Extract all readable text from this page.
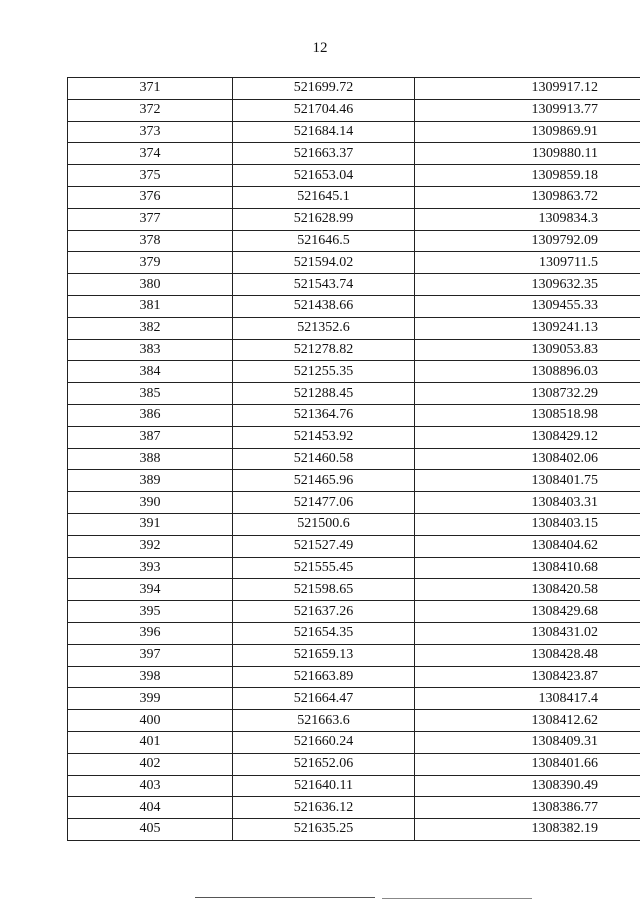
12
371	521699.72	1309917.12
372	521704.46	1309913.77
373	521684.14	1309869.91
374	521663.37	1309880.11
375	521653.04	1309859.18
376	521645.1	1309863.72
377	521628.99	1309834.3
378	521646.5	1309792.09
379	521594.02	1309711.5
380	521543.74	1309632.35
381	521438.66	1309455.33
382	521352.6	1309241.13
383	521278.82	1309053.83
384	521255.35	1308896.03
385	521288.45	1308732.29
386	521364.76	1308518.98
387	521453.92	1308429.12
388	521460.58	1308402.06
389	521465.96	1308401.75
390	521477.06	1308403.31
391	521500.6	1308403.15
392	521527.49	1308404.62
393	521555.45	1308410.68
394	521598.65	1308420.58
395	521637.26	1308429.68
396	521654.35	1308431.02
397	521659.13	1308428.48
398	521663.89	1308423.87
399	521664.47	1308417.4
400	521663.6	1308412.62
401	521660.24	1308409.31
402	521652.06	1308401.66
403	521640.11	1308390.49
404	521636.12	1308386.77
405	521635.25	1308382.19
